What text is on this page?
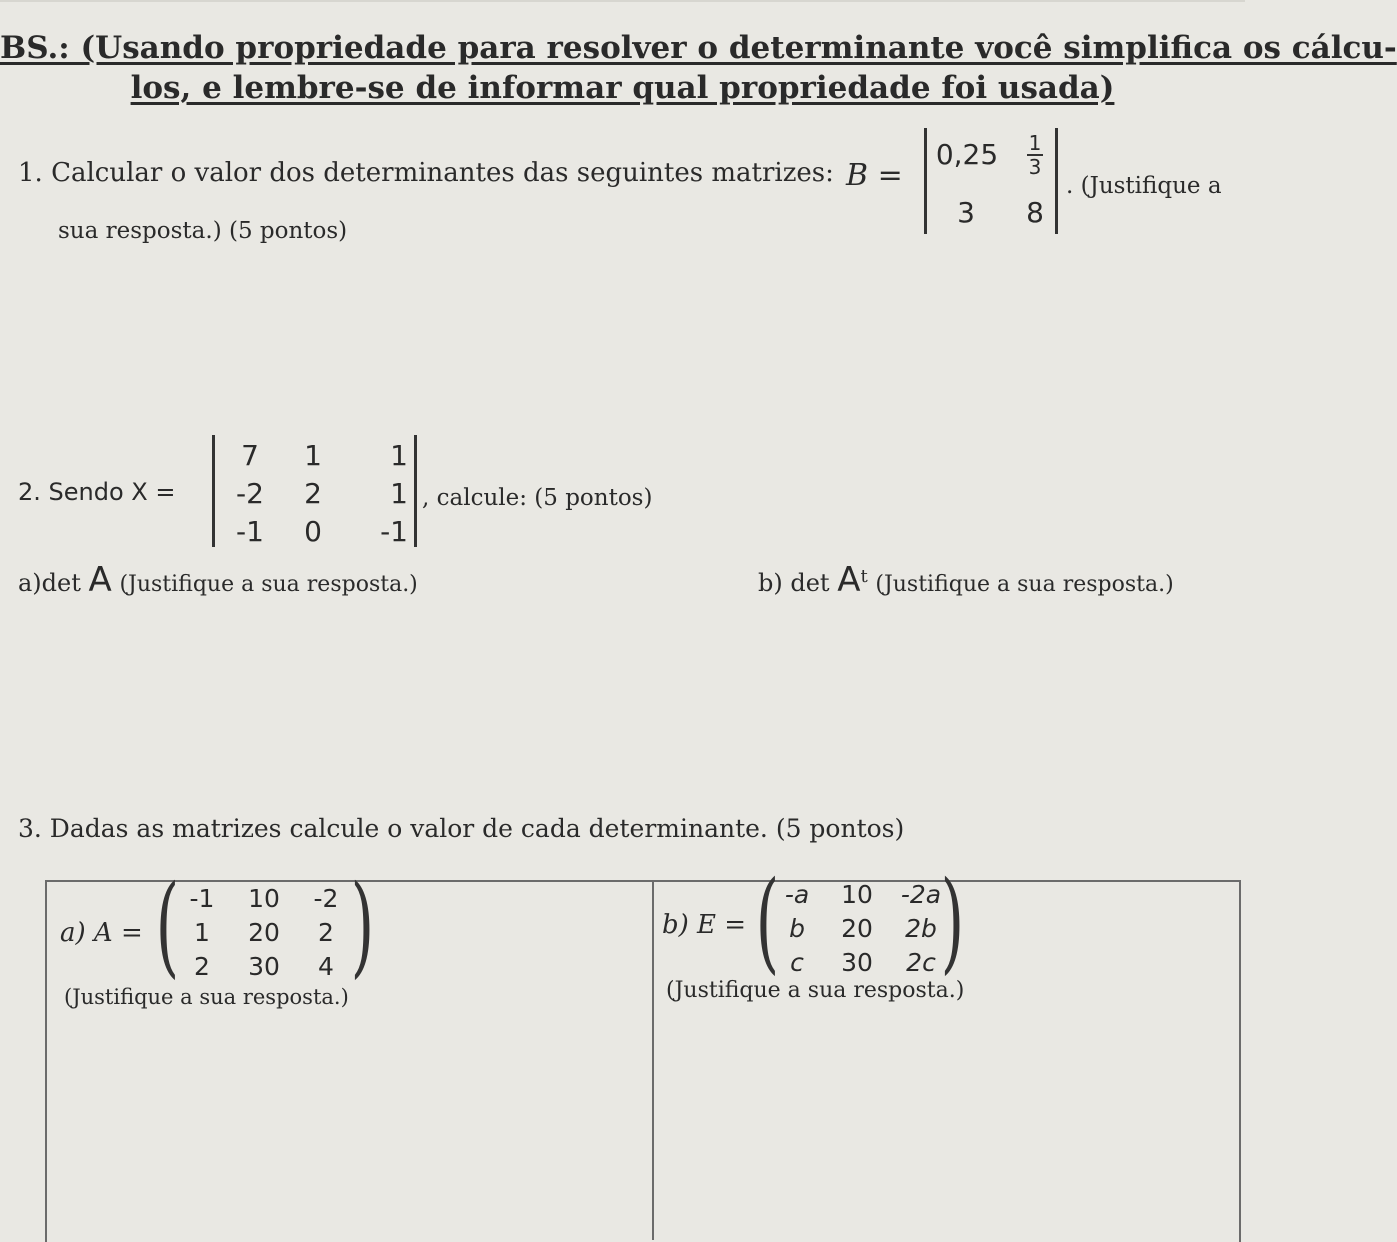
BS.: (Usando propriedade para resolver o determinante você simplifica os cálcu-
los, e lembre-se de informar qual propriedade foi usada)
1. Calcular o valor dos determinantes das seguintes matrizes: B =
$0,25 \frac{1}{3}$
3	8
. (Justifique a
sua resposta.) (5 pontos)
2. Sendo X =
7	1	1
-2	2	1
-1	0	-1
, calcule: (5 pontos)
a)det A (Justifique a sua resposta.)	b) $\det A^t$ (Justifique a sua resposta.)
3. Dadas as matrizes calcule o valor de cada determinante. (5 pontos)
a) A = ( )
-1	10	-2
1	20	2
2	30	4
(Justifique a sua resposta.)
b) E = ( )
-a	10	-2a
b	20	2b
c	30	2c
(Justifique a sua resposta.)
